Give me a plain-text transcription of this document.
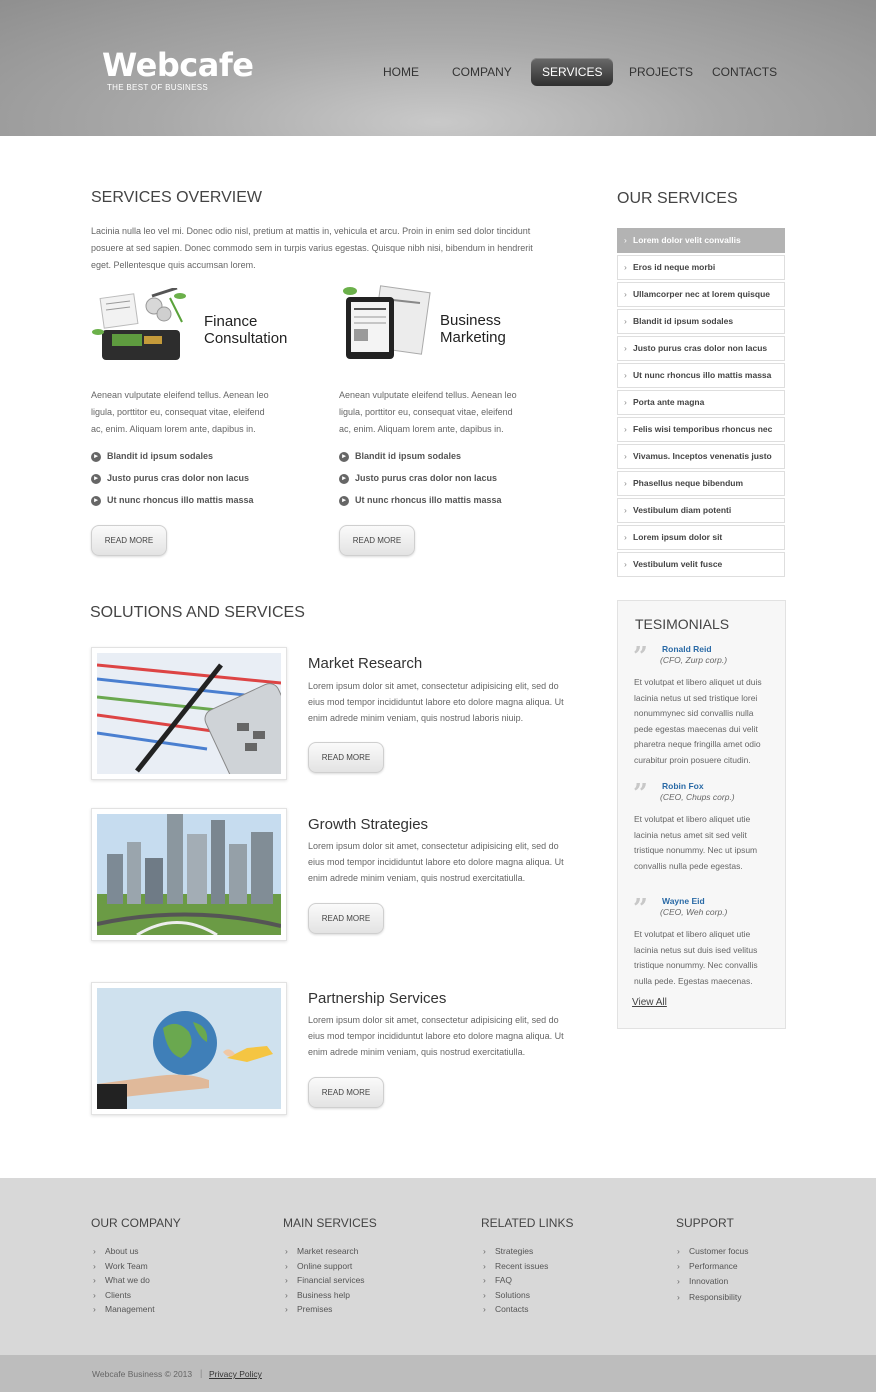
Webcafe
THE BEST OF BUSINESS
HOME	COMPANY	SERVICES	PROJECTS CONTACTS
SERVICES OVERVIEW
Lacinia nulla leo vel mi. Donec odio nisl, pretium at mattis in, vehicula et arcu. Proin in enim sed dolor tincidunt posuere at sed sapien. Donec commodo sem in turpis varius egestas. Quisque nibh nisi, bibendum in hendrerit eget. Pellentesque quis accumsan lorem.
Finance
Consultation
Aenean vulputate eleifend tellus. Aenean leo ligula, porttitor eu, consequat vitae, eleifend ac, enim. Aliquam lorem ante, dapibus in.
▸ Blandit id ipsum sodales
▸ Justo purus cras dolor non lacus
▸ Ut nunc rhoncus illo mattis massa
READ MORE
Business
Marketing
Aenean vulputate eleifend tellus. Aenean leo ligula, porttitor eu, consequat vitae, eleifend ac, enim. Aliquam lorem ante, dapibus in.
▸ Blandit id ipsum sodales
▸ Justo purus cras dolor non lacus
▸ Ut nunc rhoncus illo mattis massa
READ MORE
OUR SERVICES
› Lorem dolor velit convallis
› Eros id neque morbi
› Ullamcorper nec at lorem quisque
› Blandit id ipsum sodales
› Justo purus cras dolor non lacus
› Ut nunc rhoncus illo mattis massa
› Porta ante magna
› Felis wisi temporibus rhoncus nec
› Vivamus. Inceptos venenatis justo
› Phasellus neque bibendum
› Vestibulum diam potenti
› Lorem ipsum dolor sit
› Vestibulum velit fusce
SOLUTIONS AND SERVICES
Market Research
Lorem ipsum dolor sit amet, consectetur adipisicing elit, sed do eius mod tempor incididuntut labore eto dolore magna aliqua. Ut enim adrede minim veniam, quis nostrud laboris niuip.
READ MORE
Growth Strategies
Lorem ipsum dolor sit amet, consectetur adipisicing elit, sed do eius mod tempor incididuntut labore eto dolore magna aliqua. Ut enim adrede minim veniam, quis nostrud exercitatiulla.
READ MORE
Partnership Services
Lorem ipsum dolor sit amet, consectetur adipisicing elit, sed do eius mod tempor incididuntut labore eto dolore magna aliqua. Ut enim adrede minim veniam, quis nostrud exercitatiulla.
READ MORE
TESIMONIALS
” Ronald Reid
(CFO, Zurp corp.)
Et volutpat et libero aliquet ut duis lacinia netus ut sed tristique lorei nonummynec sid convallis nulla pede egestas maecenas dui velit pharetra neque fringilla amet odio curabitur proin posuere citudin.
” Robin Fox
(CEO, Chups corp.)
Et volutpat et libero aliquet utie lacinia netus amet sit sed velit tristique nonummy. Nec ut ipsum convallis nulla pede egestas.
” Wayne Eid
(CEO, Weh corp.)
Et volutpat et libero aliquet utie lacinia netus sut duis ised velitus tristique nonummy. Nec convallis nulla pede. Egestas maecenas.
View All
OUR COMPANY
› About us
› Work Team
› What we do
› Clients
› Management
MAIN SERVICES
› Market research
› Online support
› Financial services
› Business help
› Premises
RELATED LINKS
› Strategies
› Recent issues
› FAQ
› Solutions
› Contacts
SUPPORT
› Customer focus
› Performance
› Innovation
› Responsibility
Webcafe Business © 2013 | Privacy Policy
